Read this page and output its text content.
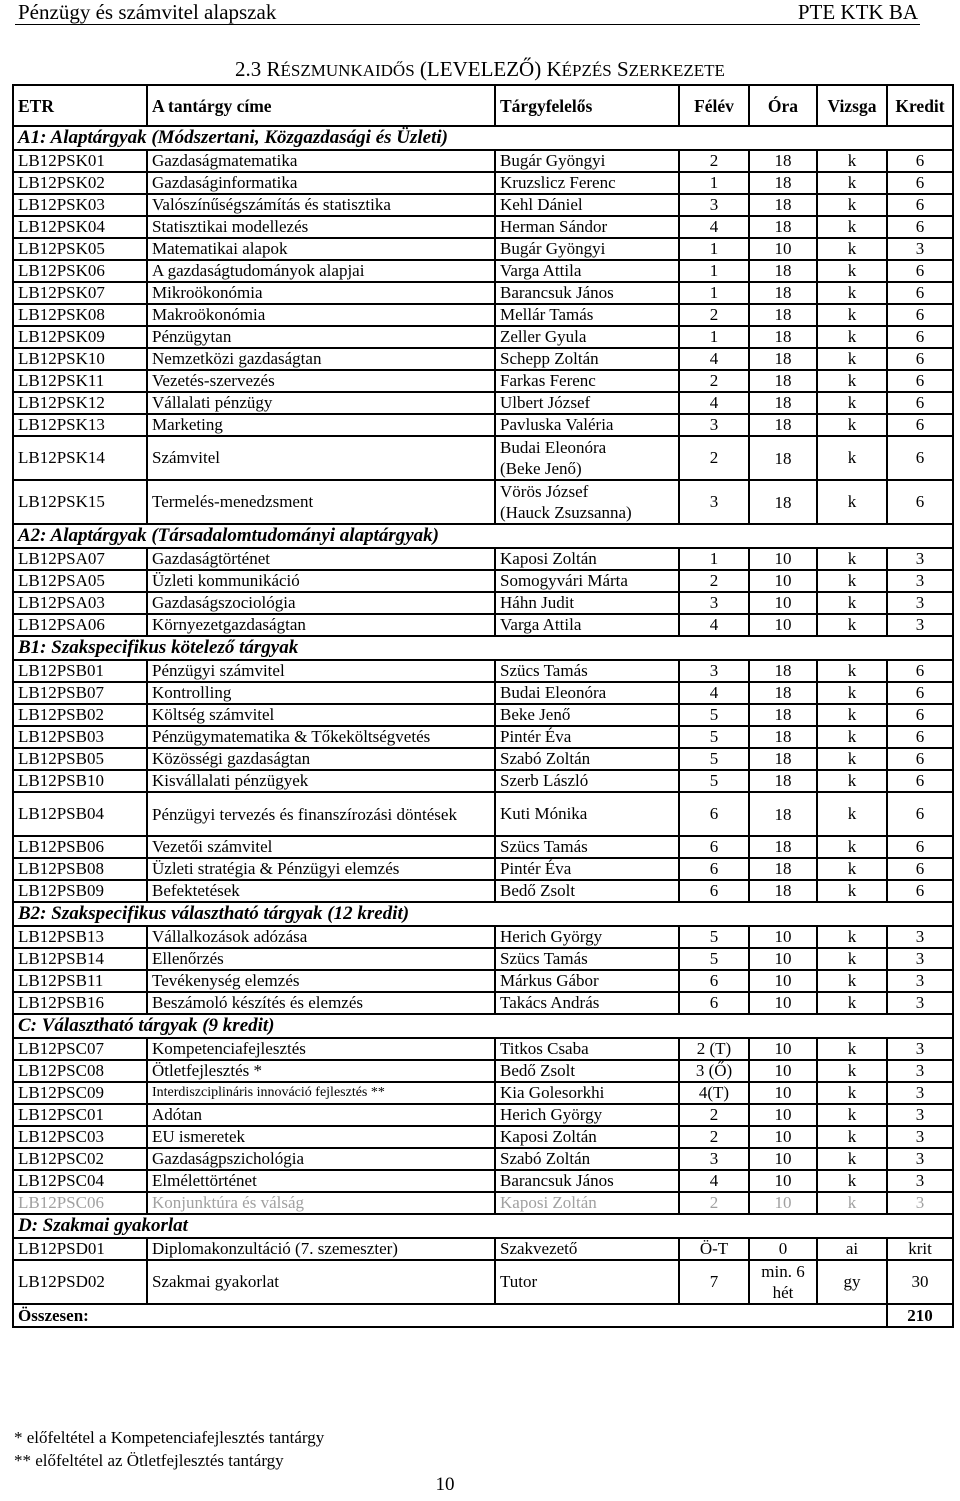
Pénzügy és számvitel alapszak	PTE KTK BA
2.3 RÉSZMUNKAIDŐS (LEVELEZŐ) KÉPZÉS SZERKEZETE
ETR	A tantárgy címe	Tárgyfelelős	Félév	Óra	Vizsga	Kredit
A1: Alaptárgyak (Módszertani, Közgazdasági és Üzleti)						
LB12PSK01	Gazdaságmatematika	Bugár Gyöngyi	2	18	k	6
LB12PSK02	Gazdaságinformatika	Kruzslicz Ferenc	1	18	k	6
LB12PSK03	Valószínűségszámítás és statisztika	Kehl Dániel	3	18	k	6
LB12PSK04	Statisztikai modellezés	Herman Sándor	4	18	k	6
LB12PSK05	Matematikai alapok	Bugár Gyöngyi	1	10	k	3
LB12PSK06	A gazdaságtudományok alapjai	Varga Attila	1	18	k	6
LB12PSK07	Mikroökonómia	Barancsuk János	1	18	k	6
LB12PSK08	Makroökonómia	Mellár Tamás	2	18	k	6
LB12PSK09	Pénzügytan	Zeller Gyula	1	18	k	6
LB12PSK10	Nemzetközi gazdaságtan	Schepp Zoltán	4	18	k	6
LB12PSK11	Vezetés-szervezés	Farkas Ferenc	2	18	k	6
LB12PSK12	Vállalati pénzügy	Ulbert József	4	18	k	6
LB12PSK13	Marketing	Pavluska Valéria	3	18	k	6
LB12PSK14	Számvitel	Budai Eleonóra
(Beke Jenő)	2	18	k	6
LB12PSK15	Termelés-menedzsment	Vörös József
(Hauck Zsuzsanna)	3	18	k	6
A2: Alaptárgyak (Társadalomtudományi alaptárgyak)						
LB12PSA07	Gazdaságtörténet	Kaposi Zoltán	1	10	k	3
LB12PSA05	Üzleti kommunikáció	Somogyvári Márta	2	10	k	3
LB12PSA03	Gazdaságszociológia	Háhn Judit	3	10	k	3
LB12PSA06	Környezetgazdaságtan	Varga Attila	4	10	k	3
B1: Szakspecifikus kötelező tárgyak						
LB12PSB01	Pénzügyi számvitel	Szücs Tamás	3	18	k	6
LB12PSB07	Kontrolling	Budai Eleonóra	4	18	k	6
LB12PSB02	Költség számvitel	Beke Jenő	5	18	k	6
LB12PSB03	Pénzügymatematika & Tőkeköltségvetés	Pintér Éva	5	18	k	6
LB12PSB05	Közösségi gazdaságtan	Szabó Zoltán	5	18	k	6
LB12PSB10	Kisvállalati pénzügyek	Szerb László	5	18	k	6
LB12PSB04	Pénzügyi tervezés és finanszírozási döntések	Kuti Mónika	6	18	k	6
LB12PSB06	Vezetői számvitel	Szücs Tamás	6	18	k	6
LB12PSB08	Üzleti stratégia & Pénzügyi elemzés	Pintér Éva	6	18	k	6
LB12PSB09	Befektetések	Bedő Zsolt	6	18	k	6
B2: Szakspecifikus választható tárgyak (12 kredit)						
LB12PSB13	Vállalkozások adózása	Herich György	5	10	k	3
LB12PSB14	Ellenőrzés	Szücs Tamás	5	10	k	3
LB12PSB11	Tevékenység elemzés	Márkus Gábor	6	10	k	3
LB12PSB16	Beszámoló készítés és elemzés	Takács András	6	10	k	3
C: Választható tárgyak (9 kredit)						
LB12PSC07	Kompetenciafejlesztés	Titkos Csaba	2 (T)	10	k	3
LB12PSC08	Ötletfejlesztés *	Bedő Zsolt	3 (Ő)	10	k	3
LB12PSC09	Interdiszciplináris innováció fejlesztés **	Kia Golesorkhi	4(T)	10	k	3
LB12PSC01	Adótan	Herich György	2	10	k	3
LB12PSC03	EU ismeretek	Kaposi Zoltán	2	10	k	3
LB12PSC02	Gazdaságpszichológia	Szabó Zoltán	3	10	k	3
LB12PSC04	Elmélettörténet	Barancsuk János	4	10	k	3
LB12PSC06	Konjunktúra és válság	Kaposi Zoltán	2	10	k	3
D: Szakmai gyakorlat						
LB12PSD01	Diplomakonzultáció (7. szemeszter)	Szakvezető	Ö-T	0	ai	krit
LB12PSD02	Szakmai gyakorlat	Tutor	7	min. 6 hét	gy	30
Összesen:						210
* előfeltétel a Kompetenciafejlesztés tantárgy
** előfeltétel az Ötletfejlesztés tantárgy
10
